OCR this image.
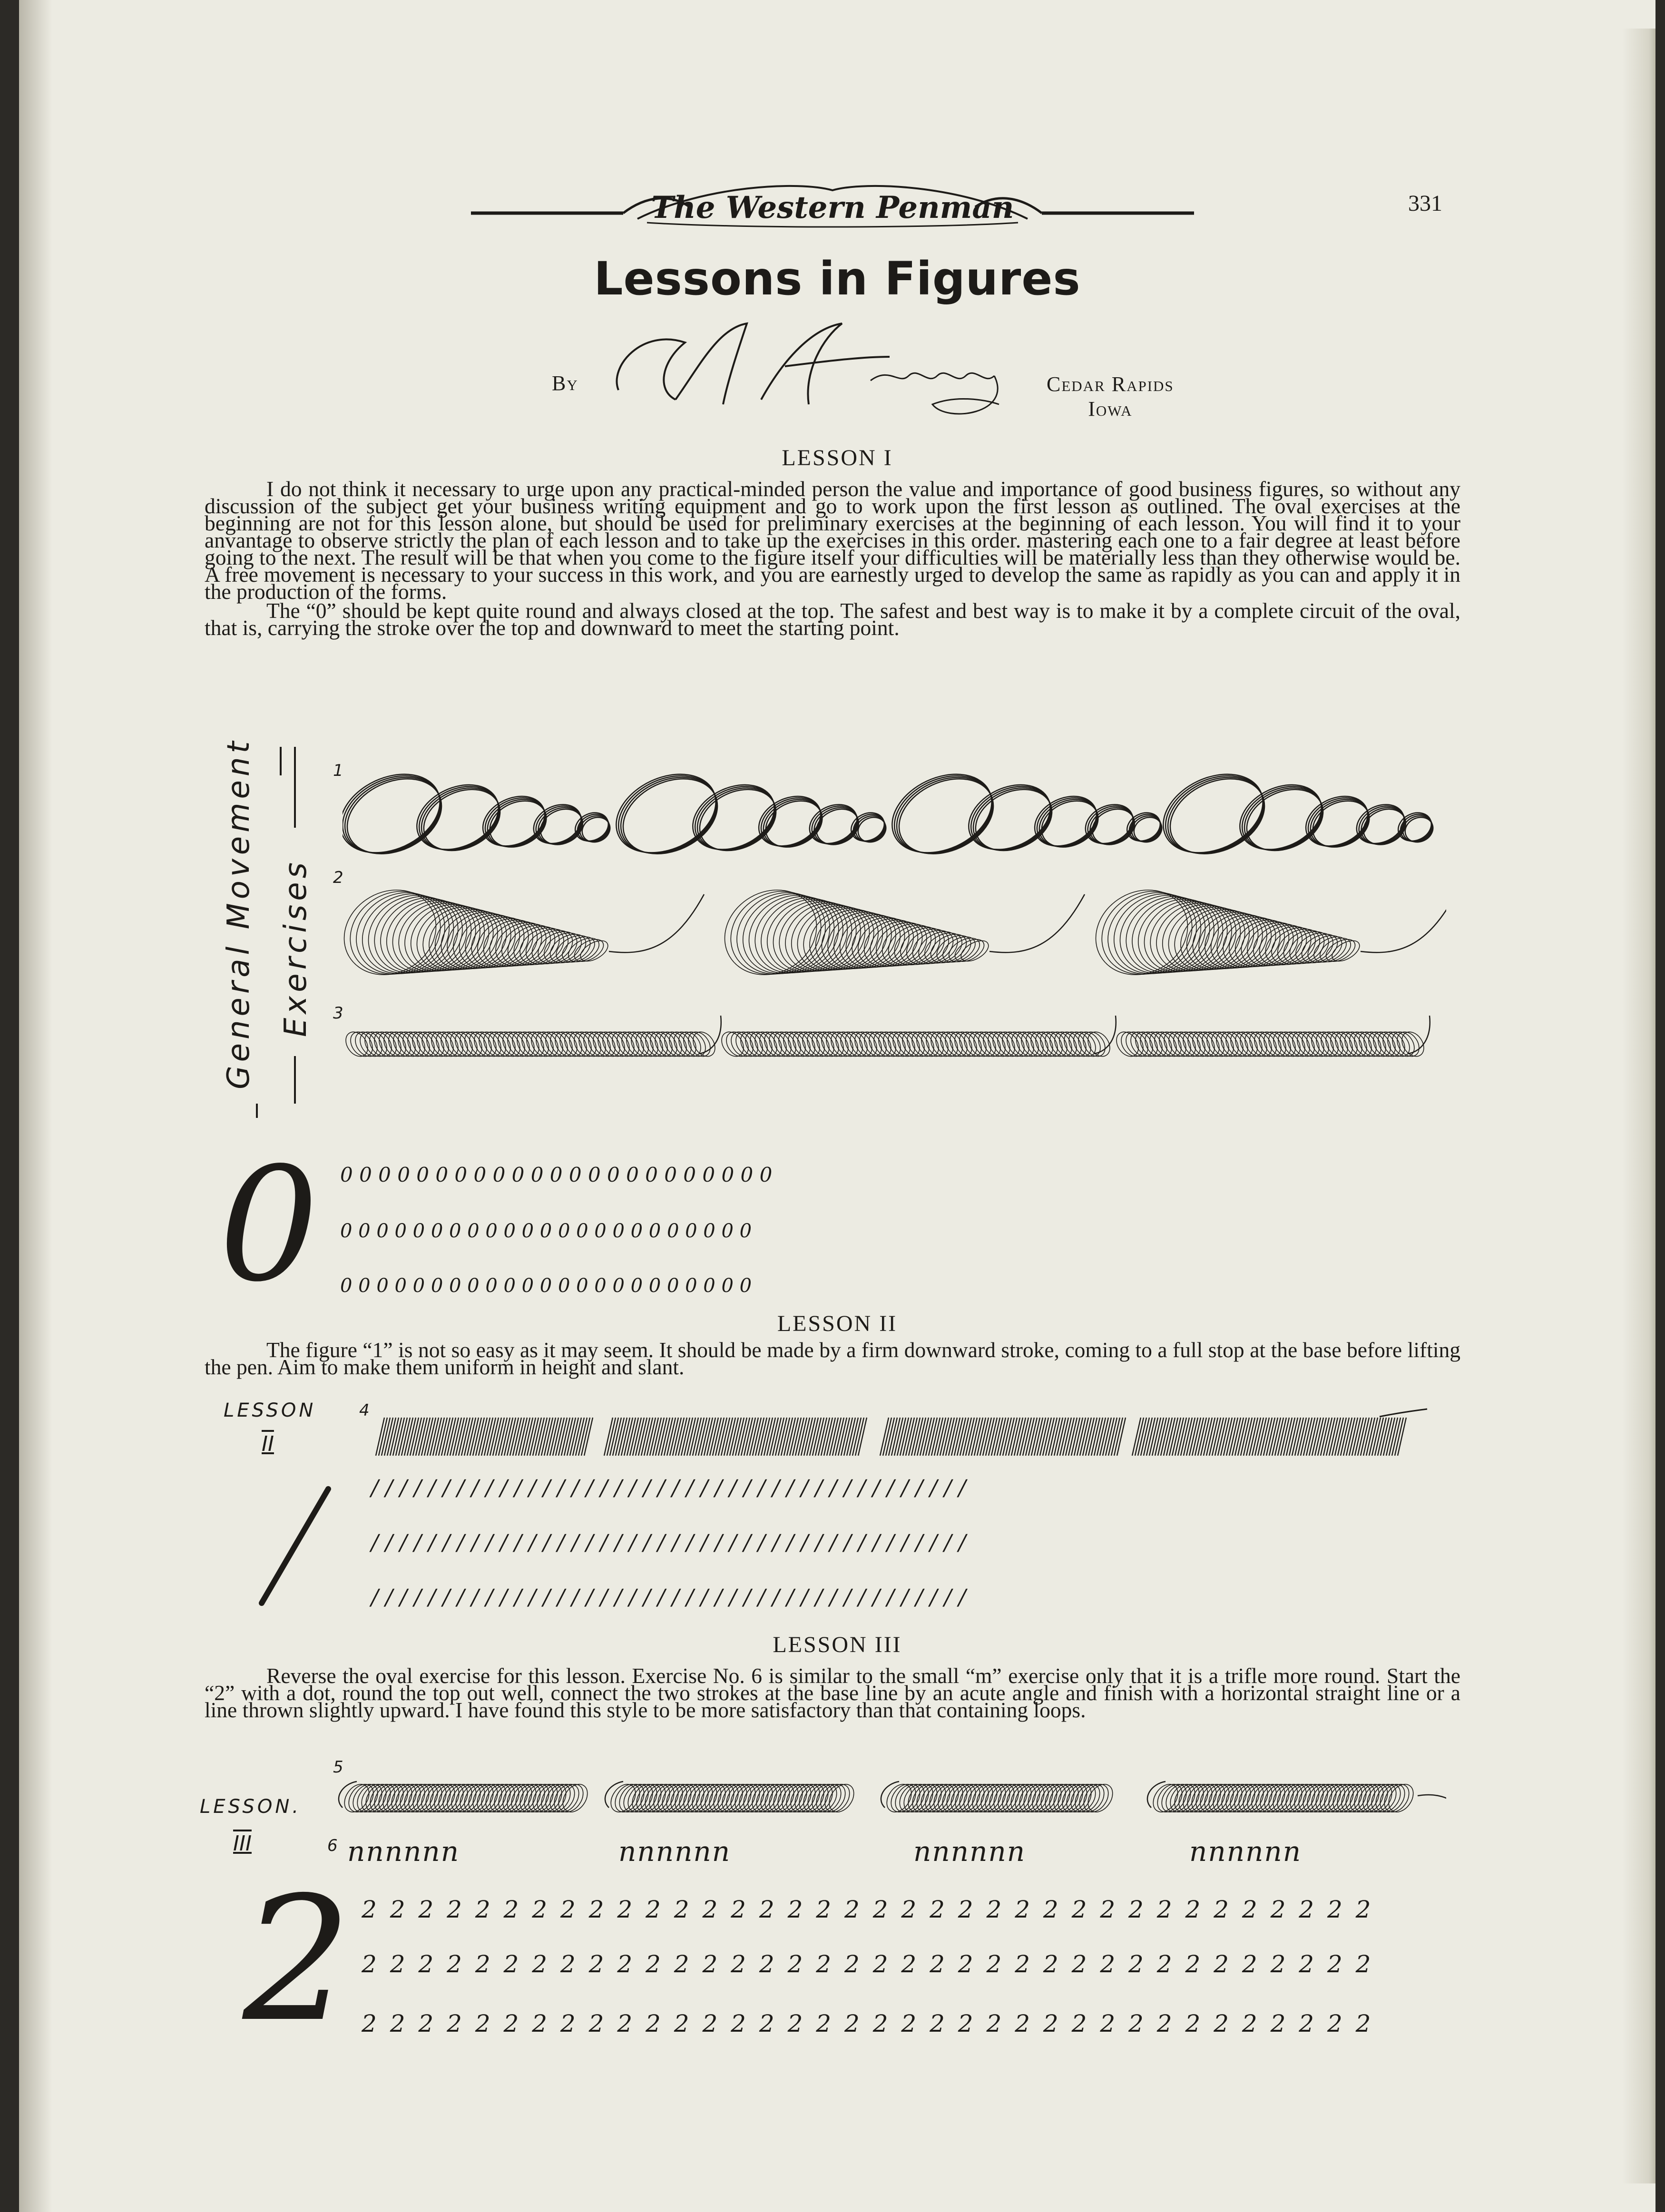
The Western Penman	331
Lessons in Figures
By
N. C. Henning
Cedar Rapids
Iowa
LESSON I

I do not think it necessary to urge upon any practical-minded person the value and importance of good business figures, so without any discussion of the subject get your business writing equipment and go to work upon the first lesson as outlined. The oval exercises at the beginning are not for this lesson alone, but should be used for preliminary exercises at the beginning of each lesson. You will find it to your anvantage to observe strictly the plan of each lesson and to take up the exercises in this order. mastering each one to a fair degree at least before going to the next. The result will be that when you come to the figure itself your difficulties will be materially less than they otherwise would be. A free movement is necessary to your success in this work, and you are earnestly urged to develop the same as rapidly as you can and apply it in the production of the forms.

The “0” should be kept quite round and always closed at the top. The safest and best way is to make it by a complete circuit of the oval, that is, carrying the stroke over the top and downward to meet the starting point.

General Movement Exercises
1
2
3
0 0 0 0 0 0 0 0 0 0 0 0 0 0 0 0 0 0 0 0 0 0 0 0
0 0 0 0 0 0 0 0 0 0 0 0 0 0 0 0 0 0 0 0 0 0 0
0 0 0 0 0 0 0 0 0 0 0 0 0 0 0 0 0 0 0 0 0 0 0
LESSON II

The figure “1” is not so easy as it may seem. It should be made by a firm downward stroke, coming to a full stop at the base before lifting the pen. Aim to make them uniform in height and slant.

LESSON
II
4
/ / / / / / / / / / / / / / / / / / / / / / / / / / / / / / / / / / / / / / / / / /
/ / / / / / / / / / / / / / / / / / / / / / / / / / / / / / / / / / / / / / / / / /
/ / / / / / / / / / / / / / / / / / / / / / / / / / / / / / / / / / / / / / / / / /
LESSON III

Reverse the oval exercise for this lesson. Exercise No. 6 is similar to the small “m” exercise only that it is a trifle more round. Start the “2” with a dot, round the top out well, connect the two strokes at the base line by an acute angle and finish with a horizontal straight line or a line thrown slightly upward. I have found this style to be more satisfactory than that containing loops.

5
LESSON.
III	6 nnnnnn	nnnnnn	nnnnnn	nnnnnn
2 2 2 2 2 2 2 2 2 2 2 2 2 2 2 2 2 2 2 2 2 2 2 2 2 2 2 2 2 2 2 2 2 2 2 2 2
2 2 2 2 2 2 2 2 2 2 2 2 2 2 2 2 2 2 2 2 2 2 2 2 2 2 2 2 2 2 2 2 2 2 2 2
2 2 2 2 2 2 2 2 2 2 2 2 2 2 2 2 2 2 2 2 2 2 2 2 2 2 2 2 2 2 2 2 2 2 2 2
